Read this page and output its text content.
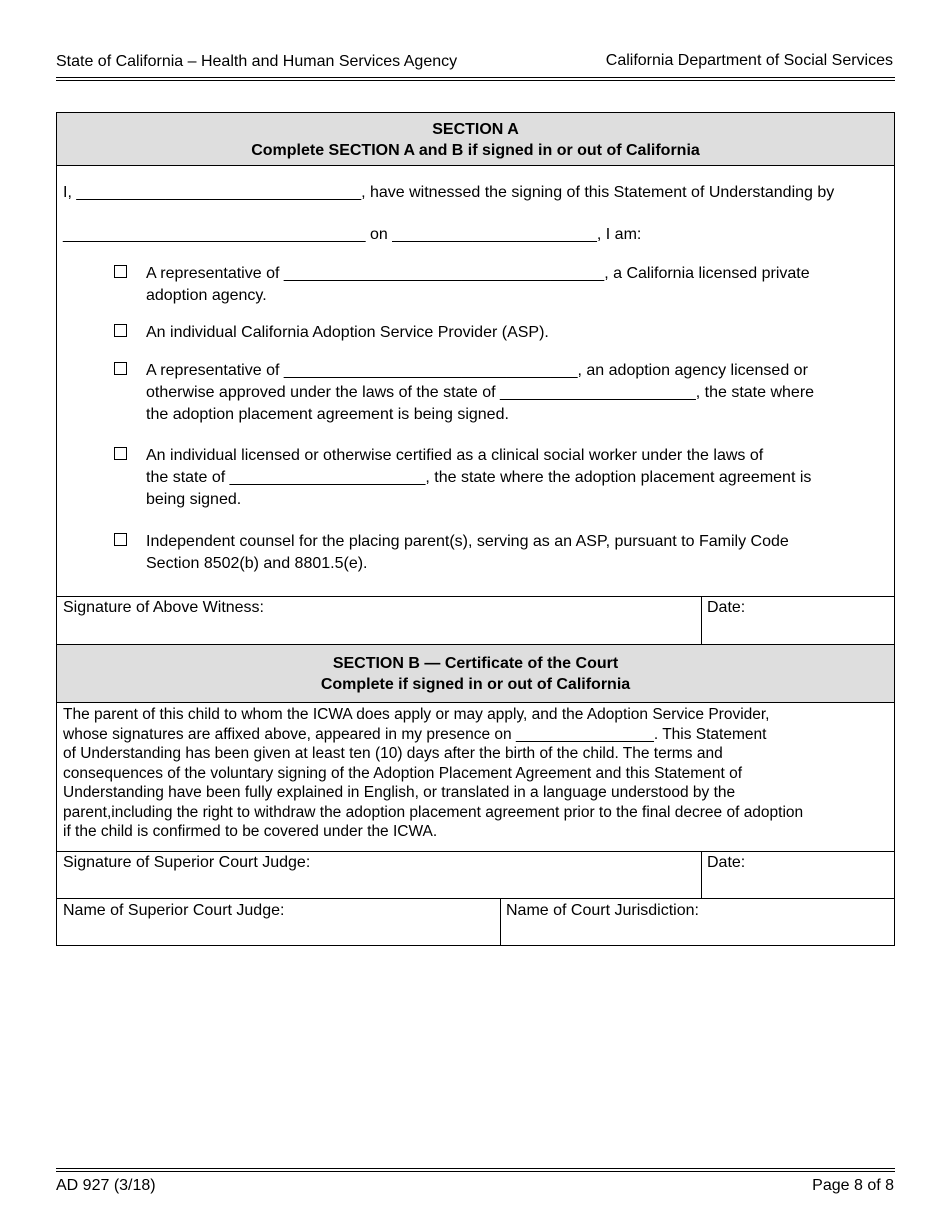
State of California – Health and Human Services Agency	California Department of Social Services
SECTION A
Complete SECTION A and B if signed in or out of California
I, ________________________________, have witnessed the signing of this Statement of Understanding by
__________________________________ on _______________________, I am:
A representative of ____________________________________, a California licensed private
adoption agency.
An individual California Adoption Service Provider (ASP).
A representative of _________________________________, an adoption agency licensed or
otherwise approved under the laws of the state of ______________________, the state where
the adoption placement agreement is being signed.
An individual licensed or otherwise certified as a clinical social worker under the laws of
the state of ______________________, the state where the adoption placement agreement is
being signed.
Independent counsel for the placing parent(s), serving as an ASP, pursuant to Family Code
Section 8502(b) and 8801.5(e).
Signature of Above Witness:	Date:
SECTION B — Certificate of the Court
Complete if signed in or out of California
The parent of this child to whom the ICWA does apply or may apply, and the Adoption Service Provider,
whose signatures are affixed above, appeared in my presence on ________________. This Statement
of Understanding has been given at least ten (10) days after the birth of the child. The terms and
consequences of the voluntary signing of the Adoption Placement Agreement and this Statement of
Understanding have been fully explained in English, or translated in a language understood by the
parent,including the right to withdraw the adoption placement agreement prior to the final decree of adoption
if the child is confirmed to be covered under the ICWA.
Signature of Superior Court Judge:	Date:
Name of Superior Court Judge:	Name of Court Jurisdiction:
AD 927 (3/18)	Page 8 of 8
